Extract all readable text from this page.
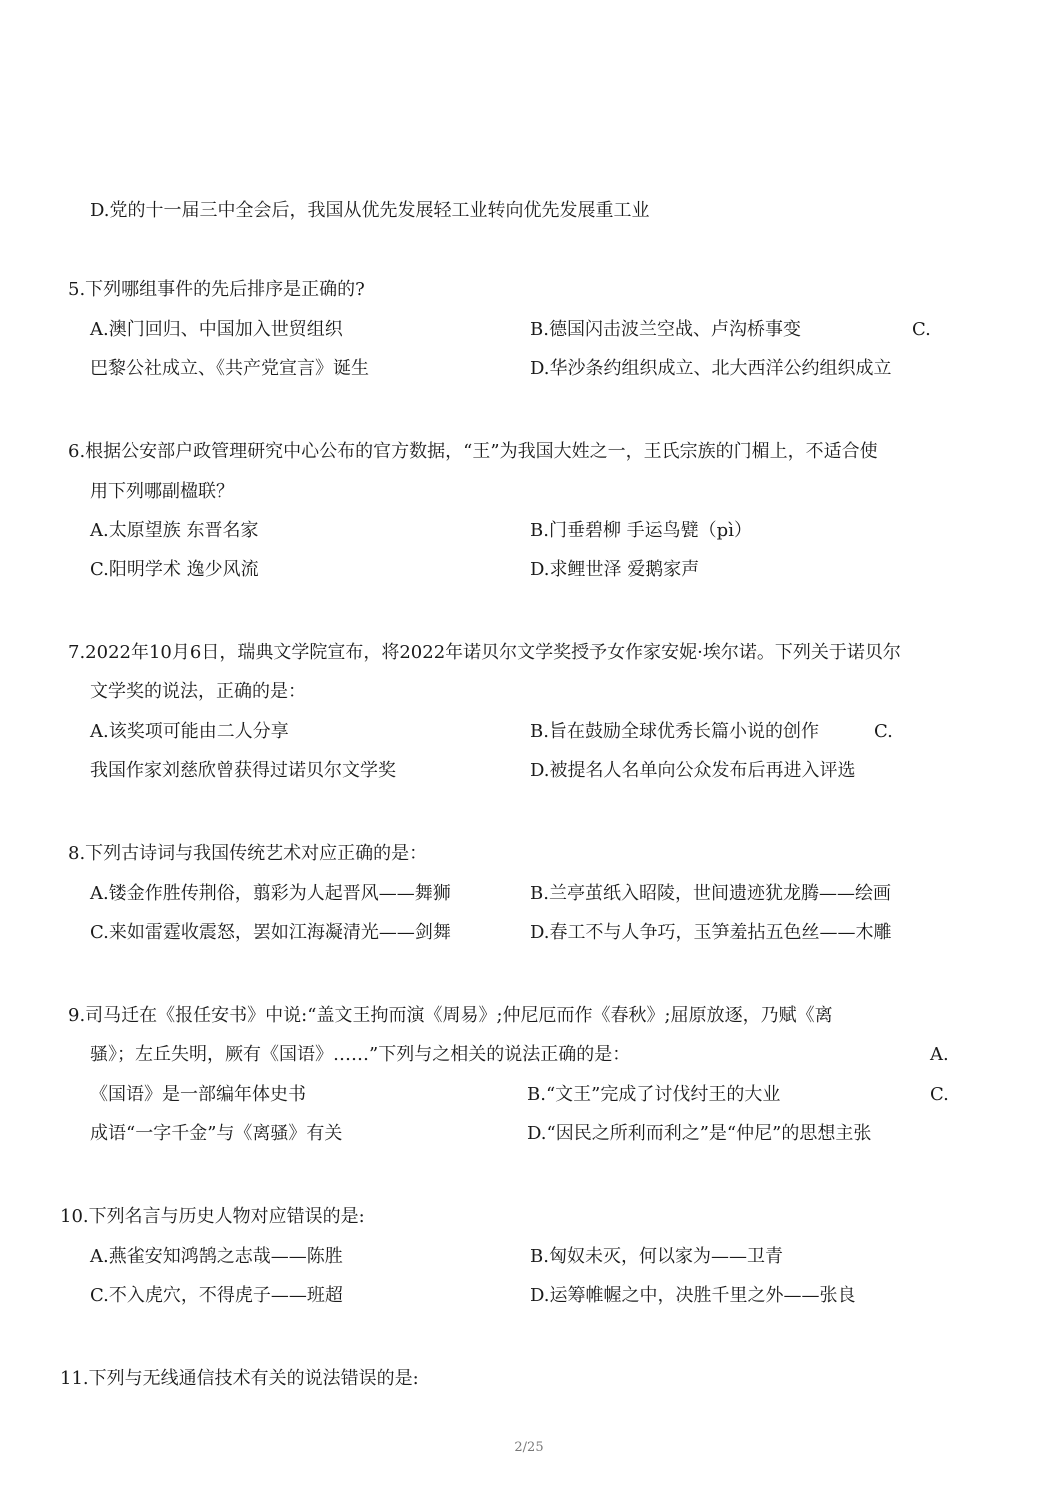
D.党的十一届三中全会后，我国从优先发展轻工业转向优先发展重工业
5.下列哪组事件的先后排序是正确的?
A.澳门回归、中国加入世贸组织	B.德国闪击波兰空战、卢沟桥事变	C.
巴黎公社成立、《共产党宣言》诞生	D.华沙条约组织成立、北大西洋公约组织成立
6.根据公安部户政管理研究中心公布的官方数据，“王”为我国大姓之一，王氏宗族的门楣上，不适合使
用下列哪副楹联？
A.太原望族 东晋名家	B.门垂碧柳 手运鸟甓（pì）
C.阳明学术 逸少风流	D.求鲤世泽 爱鹅家声
7.2022年10月6日，瑞典文学院宣布，将2022年诺贝尔文学奖授予女作家安妮·埃尔诺。下列关于诺贝尔
文学奖的说法，正确的是：
A.该奖项可能由二人分享	B.旨在鼓励全球优秀长篇小说的创作	C.
我国作家刘慈欣曾获得过诺贝尔文学奖	D.被提名人名单向公众发布后再进入评选
8.下列古诗词与我国传统艺术对应正确的是：
A.镂金作胜传荆俗，翦彩为人起晋风——舞狮	B.兰亭茧纸入昭陵，世间遗迹犹龙腾——绘画
C.来如雷霆收震怒，罢如江海凝清光——剑舞	D.春工不与人争巧，玉笋羞拈五色丝——木雕
9.司马迁在《报任安书》中说:“盖文王拘而演《周易》;仲尼厄而作《春秋》;屈原放逐，乃赋《离
骚》；左丘失明，厥有《国语》……”下列与之相关的说法正确的是：	A.
《国语》是一部编年体史书	B.“文王”完成了讨伐纣王的大业	C.
成语“一字千金”与《离骚》有关	D.“因民之所利而利之”是“仲尼”的思想主张
10.下列名言与历史人物对应错误的是:
A.燕雀安知鸿鹄之志哉——陈胜	B.匈奴未灭，何以家为——卫青
C.不入虎穴，不得虎子——班超	D.运筹帷幄之中，决胜千里之外——张良
11.下列与无线通信技术有关的说法错误的是:
2/25
